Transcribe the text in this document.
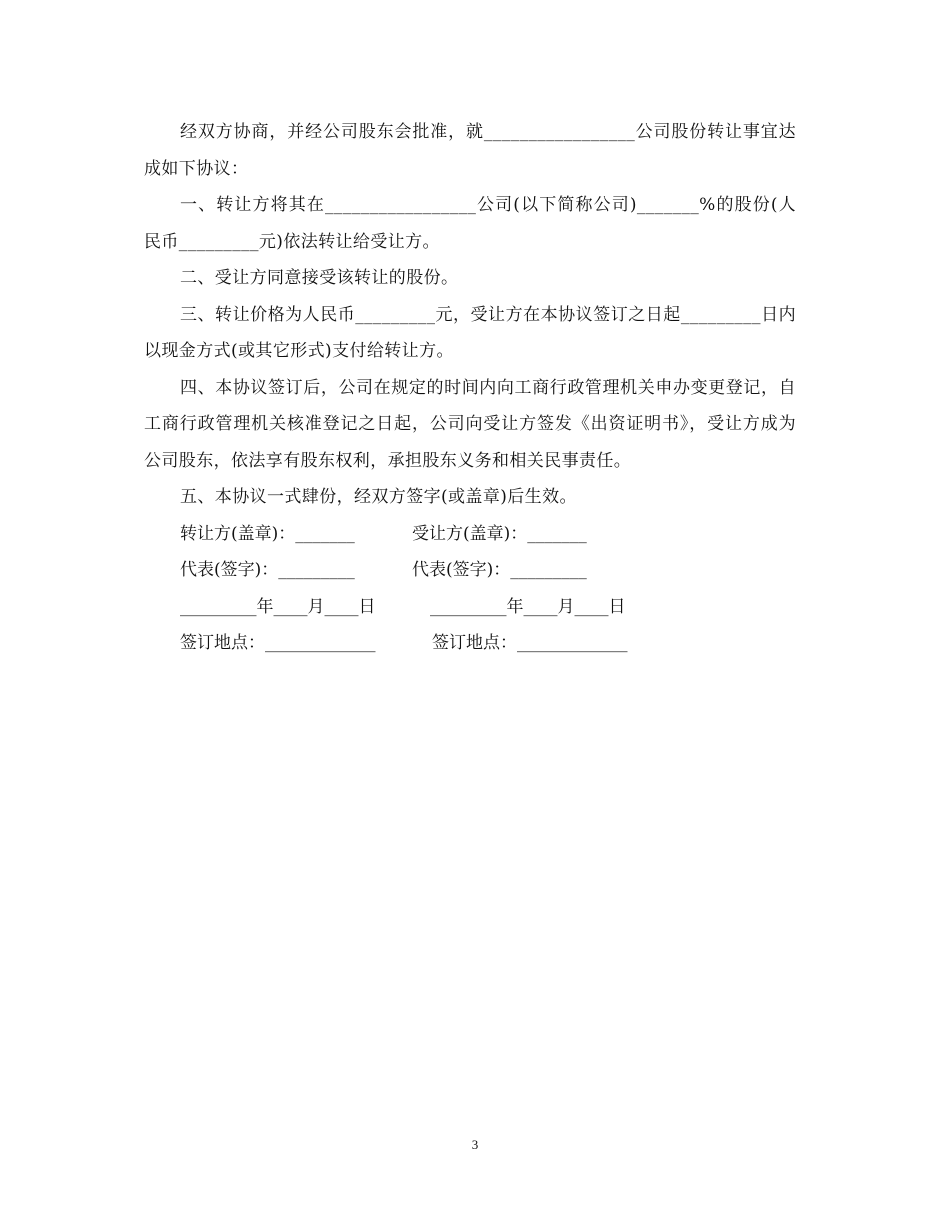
经双方协商，并经公司股东会批准，就_________________公司股份转让事宜达成如下协议：

一、转让方将其在_________________公司(以下简称公司)_______%的股份(人民币_________元)依法转让给受让方。

二、受让方同意接受该转让的股份。

三、转让价格为人民币_________元，受让方在本协议签订之日起_________日内以现金方式(或其它形式)支付给转让方。

四、本协议签订后，公司在规定的时间内向工商行政管理机关申办变更登记，自工商行政管理机关核准登记之日起，公司向受让方签发《出资证明书》，受让方成为公司股东，依法享有股东权利，承担股东义务和相关民事责任。

五、本协议一式肆份，经双方签字(或盖章)后生效。

转让方(盖章)：_______	受让方(盖章)：_______
代表(签字)：_________	代表(签字)：_________
_________年____月____日	_________年____月____日
签订地点：_____________	签订地点：_____________
3
